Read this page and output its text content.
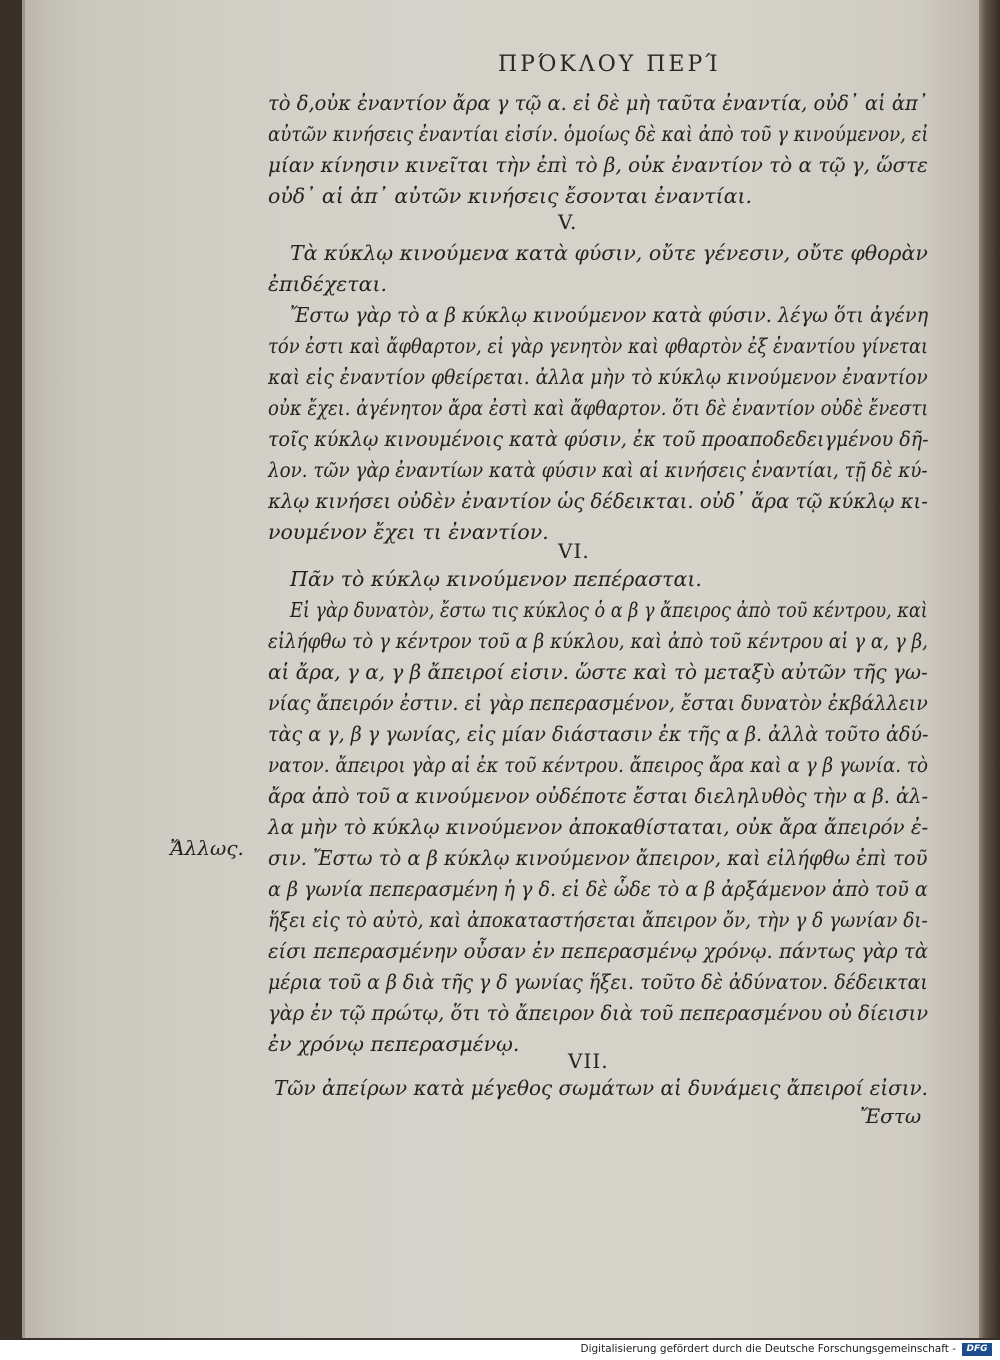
ΠΡΌΚΛΟΥ ΠΕΡΊ
τὸ δ,οὐκ ἐναντίον ἄρα γ τῷ α. εἰ δὲ μὴ ταῦτα ἐναντία, οὐδ᾽ αἱ ἀπ᾽
αὐτῶν κινήσεις ἐναντίαι εἰσίν. ὁμοίως δὲ καὶ ἀπὸ τοῦ γ κινούμενον, εἰ
μίαν κίνησιν κινεῖται τὴν ἐπὶ τὸ β, οὐκ ἐναντίον τὸ α τῷ γ, ὥστε
οὐδ᾽ αἱ ἀπ᾽ αὐτῶν κινήσεις ἔσονται ἐναντίαι.
V.
Τὰ κύκλῳ κινούμενα κατὰ φύσιν, οὔτε γένεσιν, οὔτε φθορὰν
ἐπιδέχεται.
Ἔστω γὰρ τὸ α β κύκλῳ κινούμενον κατὰ φύσιν. λέγω ὅτι ἀγένη
τόν ἐστι καὶ ἄφθαρτον, εἰ γὰρ γενητὸν καὶ φθαρτὸν ἐξ ἐναντίου γίνεται
καὶ εἰς ἐναντίον φθείρεται. ἀλλα μὴν τὸ κύκλῳ κινούμενον ἐναντίον
οὐκ ἔχει. ἀγένητον ἄρα ἐστὶ καὶ ἄφθαρτον. ὅτι δὲ ἐναντίον οὐδὲ ἔνεστι
τοῖς κύκλῳ κινουμένοις κατὰ φύσιν, ἐκ τοῦ προαποδεδειγμένου δῆ-
λον. τῶν γὰρ ἐναντίων κατὰ φύσιν καὶ αἱ κινήσεις ἐναντίαι, τῇ δὲ κύ-
κλῳ κινήσει οὐδὲν ἐναντίον ὡς δέδεικται. οὐδ᾽ ἄρα τῷ κύκλῳ κι-
νουμένον ἔχει τι ἐναντίον.
VI.
Πᾶν τὸ κύκλῳ κινούμενον πεπέρασται.
Εἰ γὰρ δυνατὸν, ἔστω τις κύκλος ὁ α β γ ἄπειρος ἀπὸ τοῦ κέντρου, καὶ
εἰλήφθω τὸ γ κέντρον τοῦ α β κύκλου, καὶ ἀπὸ τοῦ κέντρου αἱ γ α, γ β,
αἱ ἄρα, γ α, γ β ἄπειροί εἰσιν. ὥστε καὶ τὸ μεταξὺ αὐτῶν τῆς γω-
νίας ἄπειρόν ἐστιν. εἰ γὰρ πεπερασμένον, ἔσται δυνατὸν ἐκβάλλειν
τὰς α γ, β γ γωνίας, εἰς μίαν διάστασιν ἐκ τῆς α β. ἀλλὰ τοῦτο ἀδύ-
νατον. ἄπειροι γὰρ αἱ ἐκ τοῦ κέντρου. ἄπειρος ἄρα καὶ α γ β γωνία. τὸ
ἄρα ἀπὸ τοῦ α κινούμενον οὐδέποτε ἔσται διεληλυθὸς τὴν α β. ἀλ-
λα μὴν τὸ κύκλῳ κινούμενον ἀποκαθίσταται, οὐκ ἄρα ἄπειρόν ἐ-
σιν. Ἔστω τὸ α β κύκλῳ κινούμενον ἄπειρον, καὶ εἰλήφθω ἐπὶ τοῦ
α β γωνία πεπερασμένη ἡ γ δ. εἰ δὲ ὧδε τὸ α β ἀρξάμενον ἀπὸ τοῦ α
ἥξει εἰς τὸ αὐτὸ, καὶ ἀποκαταστήσεται ἄπειρον ὄν, τὴν γ δ γωνίαν δι-
είσι πεπερασμένην οὖσαν ἐν πεπερασμένῳ χρόνῳ. πάντως γὰρ τὰ
μέρια τοῦ α β διὰ τῆς γ δ γωνίας ἥξει. τοῦτο δὲ ἀδύνατον. δέδεικται
γὰρ ἐν τῷ πρώτῳ, ὅτι τὸ ἄπειρον διὰ τοῦ πεπερασμένου οὐ δίεισιν
ἐν χρόνῳ πεπερασμένῳ.
VII.
Τῶν ἀπείρων κατὰ μέγεθος σωμάτων αἱ δυνάμεις ἄπειροί εἰσιν.
Ἄλλως.
Ἔστω
Digitalisierung gefördert durch die Deutsche Forschungsgemeinschaft -	DFG
